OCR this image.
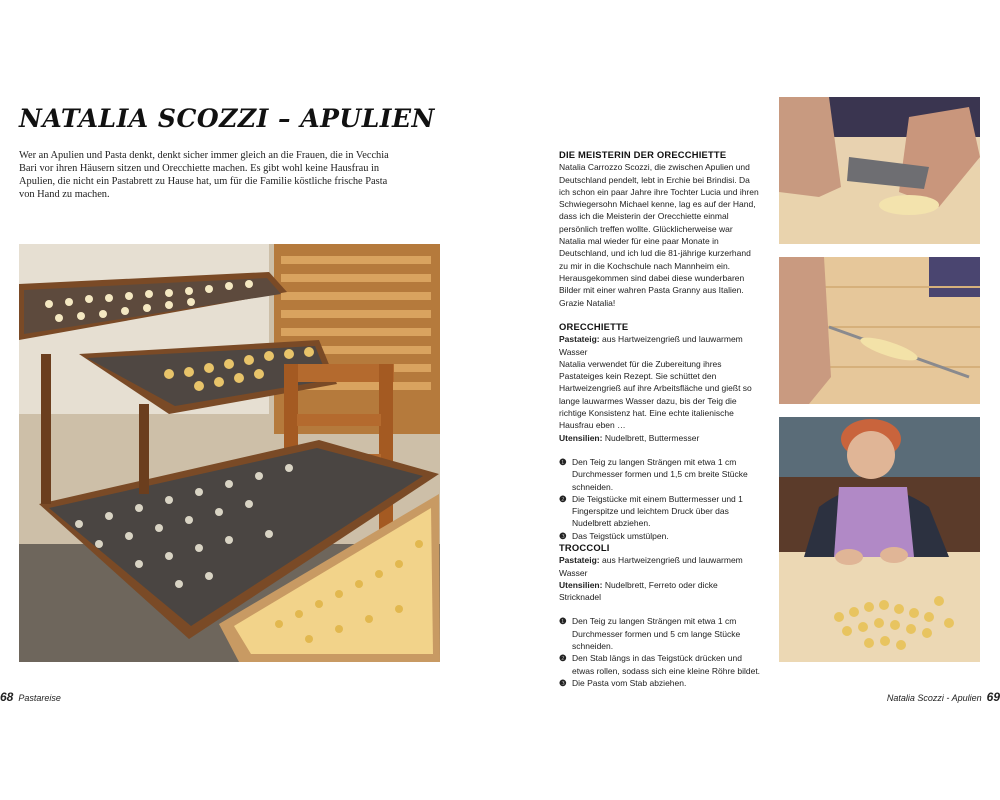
NATALIA SCOZZI – APULIEN
Wer an Apulien und Pasta denkt, denkt sicher immer gleich an die Frauen, die in Vecchia Bari vor ihren Häusern sitzen und Orecchiette machen. Es gibt wohl keine Hausfrau in Apulien, die nicht ein Pastabrett zu Hause hat, um für die Familie köstliche frische Pasta von Hand zu machen.

DIE MEISTERIN DER ORECCHIETTE

Natalia Carrozzo Scozzi, die zwischen Apulien und Deutschland pendelt, lebt in Erchie bei Brindisi. Da ich schon ein paar Jahre ihre Tochter Lucia und ihren Schwiegersohn Michael kenne, lag es auf der Hand, dass ich die Meisterin der Orecchiette einmal persönlich treffen wollte. Glücklicherweise war Natalia mal wieder für eine paar Monate in Deutschland, und ich lud die 81-jährige kurzerhand zu mir in die Kochschule nach Mannheim ein. Herausgekommen sind dabei diese wunderbaren Bilder mit einer wahren Pasta Granny aus Italien. Grazie Natalia!

ORECCHIETTE

Pastateig: aus Hartweizengrieß und lauwarmem Wasser

Natalia verwendet für die Zubereitung ihres Pastateiges kein Rezept. Sie schüttet den Hartweizengrieß auf ihre Arbeitsfläche und gießt so lange lauwarmes Wasser dazu, bis der Teig die richtige Konsistenz hat. Eine echte italienische Hausfrau eben …

Utensilien: Nudelbrett, Buttermesser

❶ Den Teig zu langen Strängen mit etwa 1 cm Durchmesser formen und 1,5 cm breite Stücke schneiden.
❷ Die Teigstücke mit einem Buttermesser und 1 Fingerspitze und leichtem Druck über das Nudelbrett abziehen.
❸ Das Teigstück umstülpen.

TROCCOLI

Pastateig: aus Hartweizengrieß und lauwarmem Wasser

Utensilien: Nudelbrett, Ferreto oder dicke Stricknadel

❶ Den Teig zu langen Strängen mit etwa 1 cm Durchmesser formen und 5 cm lange Stücke schneiden.
❷ Den Stab längs in das Teigstück drücken und etwas rollen, sodass sich eine kleine Röhre bildet.
❸ Die Pasta vom Stab abziehen.
68 Pastareise	Natalia Scozzi - Apulien 69
